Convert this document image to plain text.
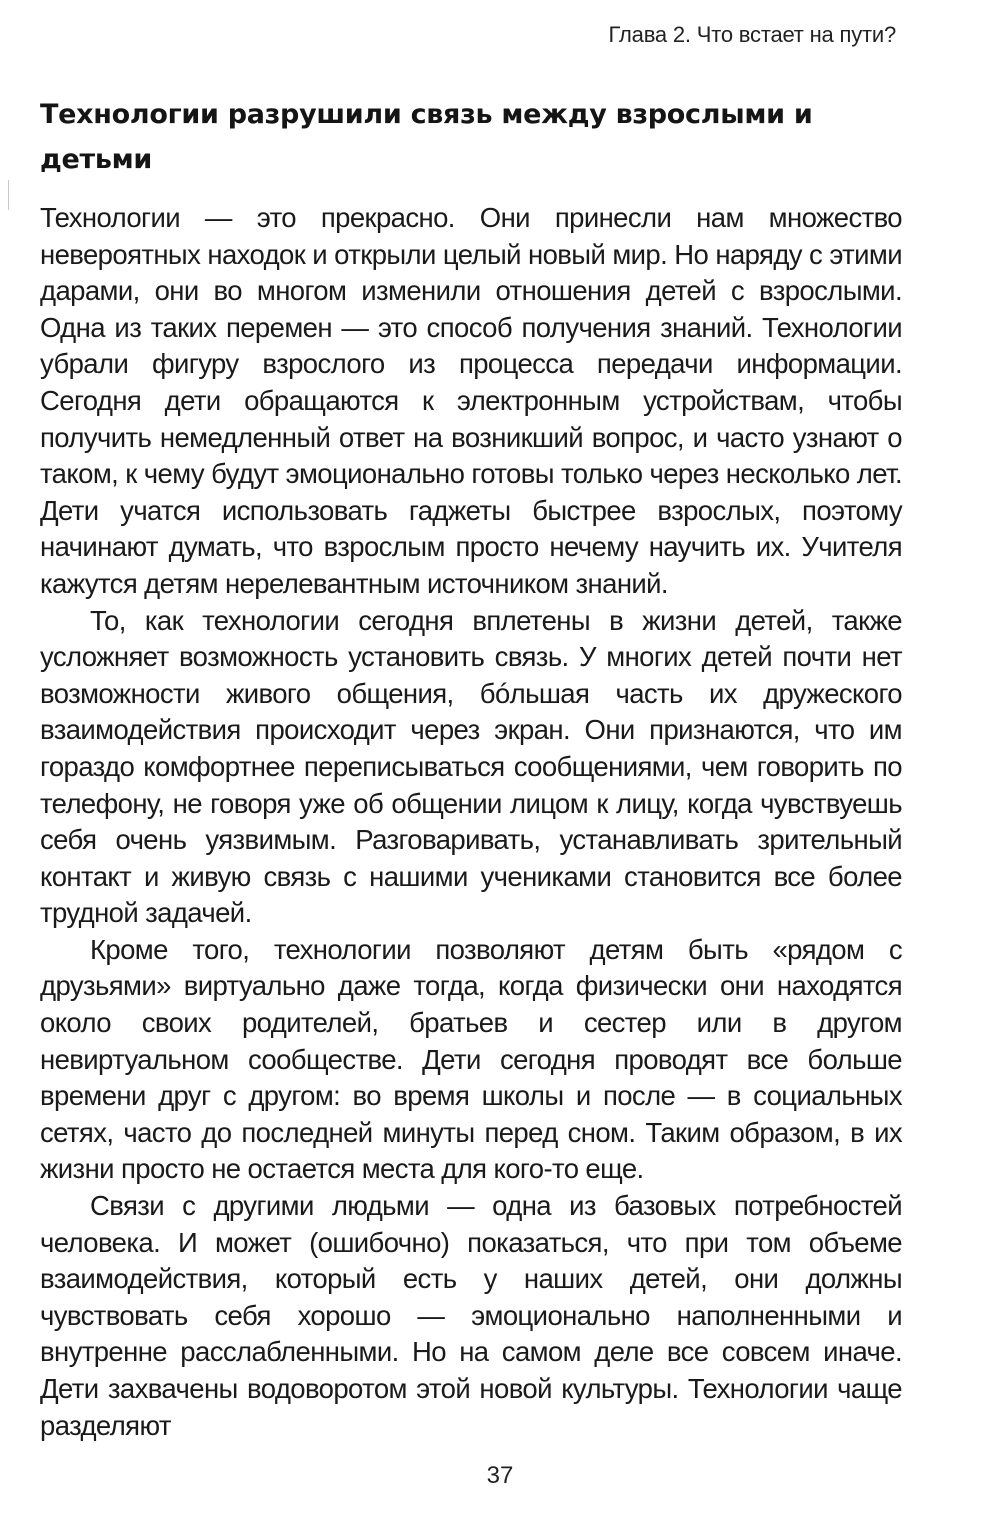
Глава 2. Что встает на пути?
Технологии разрушили связь между взрослыми и детьми

Технологии — это прекрасно. Они принесли нам множество невероятных находок и открыли целый новый мир. Но наряду с этими дарами, они во многом изменили отношения детей с взрослыми. Одна из таких перемен — это способ получения знаний. Технологии убрали фигуру взрослого из процесса передачи информации. Сегодня дети обращаются к электронным устройствам, чтобы получить немедленный ответ на возникший вопрос, и часто узнают о таком, к чему будут эмоционально готовы только через несколько лет. Дети учатся использовать гаджеты быстрее взрослых, поэтому начинают думать, что взрослым просто нечему научить их. Учителя кажутся детям нерелевантным источником знаний.

То, как технологии сегодня вплетены в жизни детей, также усложняет возможность установить связь. У многих детей почти нет возможности живого общения, бóльшая часть их дружеского взаимодействия происходит через экран. Они признаются, что им гораздо комфортнее переписываться сообщениями, чем говорить по телефону, не говоря уже об общении лицом к лицу, когда чувствуешь себя очень уязвимым. Разговаривать, устанавливать зрительный контакт и живую связь с нашими учениками становится все более трудной задачей.

Кроме того, технологии позволяют детям быть «рядом с друзьями» виртуально даже тогда, когда физически они находятся около своих родителей, братьев и сестер или в другом невиртуальном сообществе. Дети сегодня проводят все больше времени друг с другом: во время школы и после — в социальных сетях, часто до последней минуты перед сном. Таким образом, в их жизни просто не остается места для кого-то еще.

Связи с другими людьми — одна из базовых потребностей человека. И может (ошибочно) показаться, что при том объеме взаимодействия, который есть у наших детей, они должны чувствовать себя хорошо — эмоционально наполненными и внутренне расслабленными. Но на самом деле все совсем иначе. Дети захвачены водоворотом этой новой культуры. Технологии чаще разделяют

37
